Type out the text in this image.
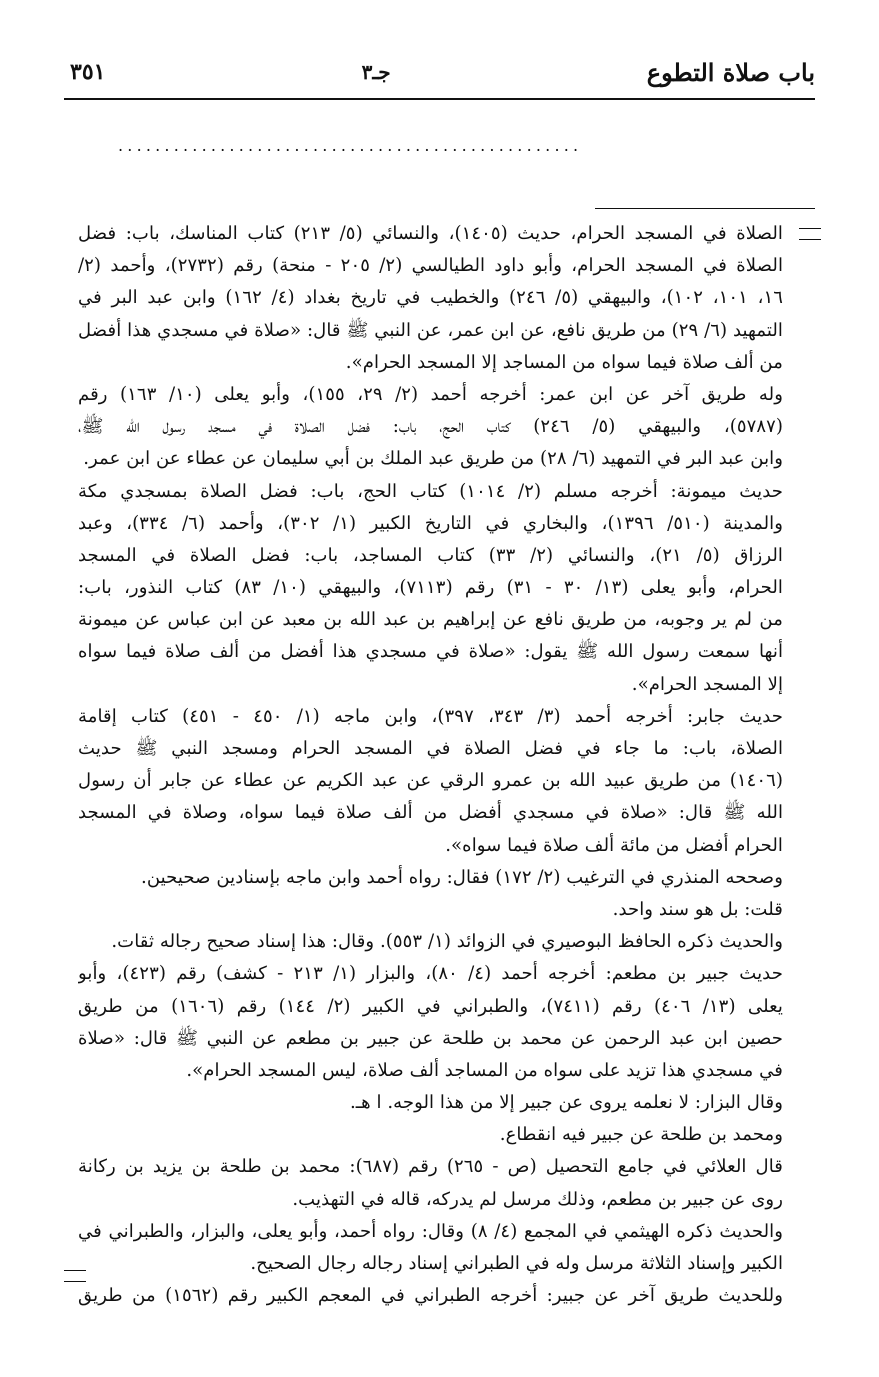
باب صلاة التطوع
جـ٣
٣٥١
..................................................
الصلاة في المسجد الحرام، حديث (١٤٠٥)، والنسائي (٥/ ٢١٣) كتاب المناسك، باب: فضل
الصلاة في المسجد الحرام، وأبو داود الطيالسي (٢/ ٢٠٥ - منحة) رقم (٢٧٣٢)، وأحمد (٢/
١٦، ١٠١، ١٠٢)، والبيهقي (٥/ ٢٤٦) والخطيب في تاريخ بغداد (٤/ ١٦٢) وابن عبد البر في
التمهيد (٦/ ٢٩) من طريق نافع، عن ابن عمر، عن النبي ﷺ قال: «صلاة في مسجدي هذا أفضل
من ألف صلاة فيما سواه من المساجد إلا المسجد الحرام».
وله طريق آخر عن ابن عمر: أخرجه أحمد (٢/ ٢٩، ١٥٥)، وأبو يعلى (١٠/ ١٦٣) رقم
(٥٧٨٧)، والبيهقي (٥/ ٢٤٦) كتاب الحج، باب: فضل الصلاة في مسجد رسول الله ﷺ،
وابن عبد البر في التمهيد (٦/ ٢٨) من طريق عبد الملك بن أبي سليمان عن عطاء عن ابن عمر.
حديث ميمونة: أخرجه مسلم (٢/ ١٠١٤) كتاب الحج، باب: فضل الصلاة بمسجدي مكة
والمدينة (٥١٠/ ١٣٩٦)، والبخاري في التاريخ الكبير (١/ ٣٠٢)، وأحمد (٦/ ٣٣٤)، وعبد
الرزاق (٥/ ٢١)، والنسائي (٢/ ٣٣) كتاب المساجد، باب: فضل الصلاة في المسجد
الحرام، وأبو يعلى (١٣/ ٣٠ - ٣١) رقم (٧١١٣)، والبيهقي (١٠/ ٨٣) كتاب النذور، باب:
من لم ير وجوبه، من طريق نافع عن إبراهيم بن عبد الله بن معبد عن ابن عباس عن ميمونة
أنها سمعت رسول الله ﷺ يقول: «صلاة في مسجدي هذا أفضل من ألف صلاة فيما سواه
إلا المسجد الحرام».
حديث جابر: أخرجه أحمد (٣/ ٣٤٣، ٣٩٧)، وابن ماجه (١/ ٤٥٠ - ٤٥١) كتاب إقامة
الصلاة، باب: ما جاء في فضل الصلاة في المسجد الحرام ومسجد النبي ﷺ حديث
(١٤٠٦) من طريق عبيد الله بن عمرو الرقي عن عبد الكريم عن عطاء عن جابر أن رسول
الله ﷺ قال: «صلاة في مسجدي أفضل من ألف صلاة فيما سواه، وصلاة في المسجد
الحرام أفضل من مائة ألف صلاة فيما سواه».
وصححه المنذري في الترغيب (٢/ ١٧٢) فقال: رواه أحمد وابن ماجه بإسنادين صحيحين.
قلت: بل هو سند واحد.
والحديث ذكره الحافظ البوصيري في الزوائد (١/ ٥٥٣). وقال: هذا إسناد صحيح رجاله ثقات.
حديث جبير بن مطعم: أخرجه أحمد (٤/ ٨٠)، والبزار (١/ ٢١٣ - كشف) رقم (٤٢٣)، وأبو
يعلى (١٣/ ٤٠٦) رقم (٧٤١١)، والطبراني في الكبير (٢/ ١٤٤) رقم (١٦٠٦) من طريق
حصين ابن عبد الرحمن عن محمد بن طلحة عن جبير بن مطعم عن النبي ﷺ قال: «صلاة
في مسجدي هذا تزيد على سواه من المساجد ألف صلاة، ليس المسجد الحرام».
وقال البزار: لا نعلمه يروى عن جبير إلا من هذا الوجه. ا هـ.
ومحمد بن طلحة عن جبير فيه انقطاع.
قال العلائي في جامع التحصيل (ص - ٢٦٥) رقم (٦٨٧): محمد بن طلحة بن يزيد بن ركانة
روى عن جبير بن مطعم، وذلك مرسل لم يدركه، قاله في التهذيب.
والحديث ذكره الهيثمي في المجمع (٤/ ٨) وقال: رواه أحمد، وأبو يعلى، والبزار، والطبراني في
الكبير وإسناد الثلاثة مرسل وله في الطبراني إسناد رجاله رجال الصحيح.
وللحديث طريق آخر عن جبير: أخرجه الطبراني في المعجم الكبير رقم (١٥٦٢) من طريق
